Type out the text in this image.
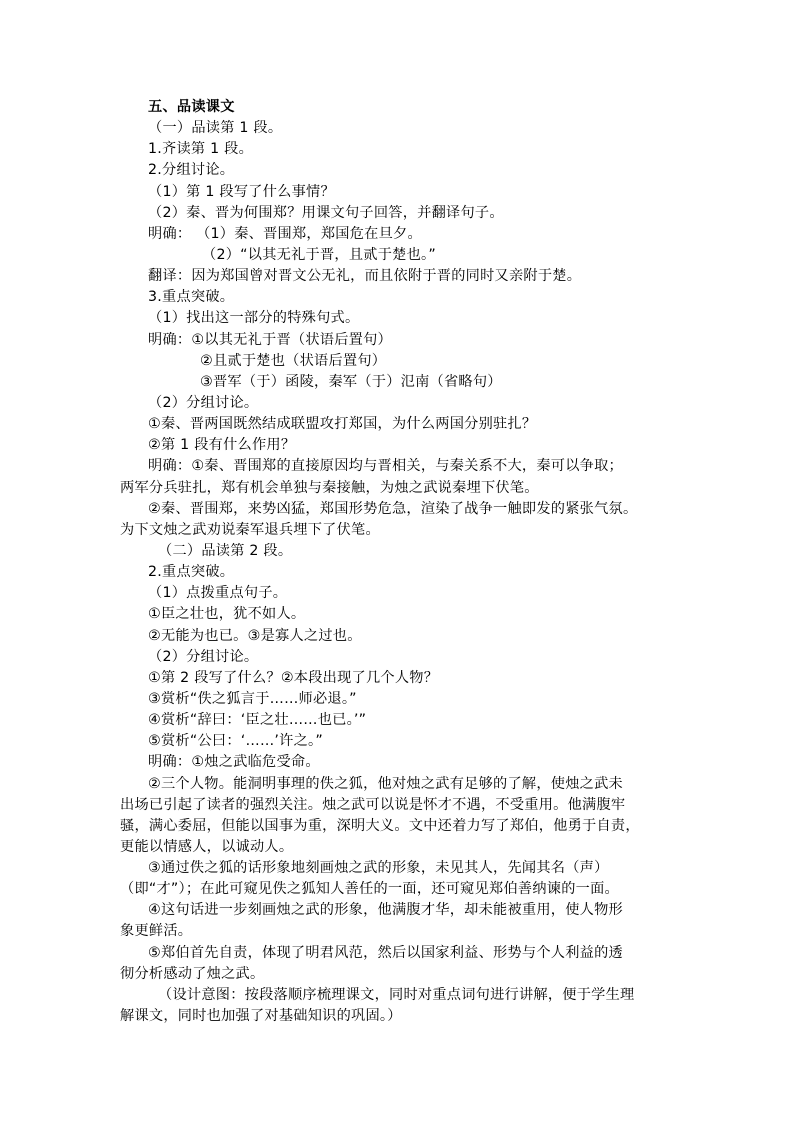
五、品读课文
（一）品读第 1 段。
1.齐读第 1 段。
2.分组讨论。
（1）第 1 段写了什么事情？
（2）秦、晋为何围郑？用课文句子回答，并翻译句子。
明确： （1）秦、晋围郑，郑国危在旦夕。
（2）“以其无礼于晋，且贰于楚也。”
翻译：因为郑国曾对晋文公无礼，而且依附于晋的同时又亲附于楚。
3.重点突破。
（1）找出这一部分的特殊句式。
明确：①以其无礼于晋（状语后置句）
②且贰于楚也（状语后置句）
③晋军（于）函陵，秦军（于）氾南（省略句）
（2）分组讨论。
①秦、晋两国既然结成联盟攻打郑国，为什么两国分别驻扎？
②第 1 段有什么作用？
明确：①秦、晋围郑的直接原因均与晋相关，与秦关系不大，秦可以争取；
两军分兵驻扎，郑有机会单独与秦接触，为烛之武说秦埋下伏笔。
②秦、晋围郑，来势凶猛，郑国形势危急，渲染了战争一触即发的紧张气氛。
为下文烛之武劝说秦军退兵埋下了伏笔。
（二）品读第 2 段。
2.重点突破。
（1）点拨重点句子。
①臣之壮也，犹不如人。
②无能为也已。③是寡人之过也。
（2）分组讨论。
①第 2 段写了什么？②本段出现了几个人物？
③赏析“佚之狐言于……师必退。”
④赏析“辞曰：‘臣之壮……也已。’”
⑤赏析“公曰：‘……’许之。”
明确：①烛之武临危受命。
②三个人物。能洞明事理的佚之狐，他对烛之武有足够的了解，使烛之武未
出场已引起了读者的强烈关注。烛之武可以说是怀才不遇，不受重用。他满腹牢
骚，满心委屈，但能以国事为重，深明大义。文中还着力写了郑伯，他勇于自责，
更能以情感人，以诚动人。
③通过佚之狐的话形象地刻画烛之武的形象，未见其人，先闻其名（声）
（即“才”）；在此可窥见佚之狐知人善任的一面，还可窥见郑伯善纳谏的一面。
④这句话进一步刻画烛之武的形象，他满腹才华，却未能被重用，使人物形
象更鲜活。
⑤郑伯首先自责，体现了明君风范，然后以国家利益、形势与个人利益的透
彻分析感动了烛之武。
（设计意图：按段落顺序梳理课文，同时对重点词句进行讲解，便于学生理
解课文，同时也加强了对基础知识的巩固。）
